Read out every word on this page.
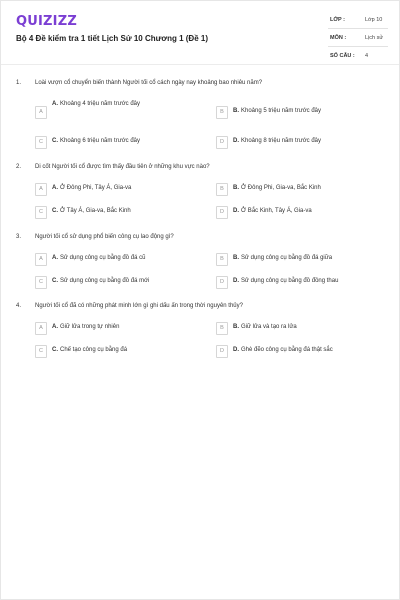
QUIZIZZ
Bộ 4 Đề kiểm tra 1 tiết Lịch Sử 10 Chương 1 (Đề 1)
LỚP :	Lớp 10
MÔN :	Lịch sử
SỐ CÂU : 4
1. Loài vượn cổ chuyển biến thành Người tối cổ cách ngày nay khoảng bao nhiêu năm?
A
A. Khoảng 4 triệu năm trước đây
B	B. Khoảng 5 triệu năm trước đây
C	C. Khoảng 6 triệu năm trước đây	D	D. Khoảng 8 triệu năm trước đây
2. Di cốt Người tối cổ được tìm thấy đầu tiên ở những khu vực nào?
A	A. Ở Đông Phi, Tây Á, Gia-va	B	B. Ở Đông Phi, Gia-va, Bắc Kinh
C	C. Ở Tây Á, Gia-va, Bắc Kinh	D	D. Ở Bắc Kinh, Tây Á, Gia-va
3. Người tối cổ sử dụng phổ biến công cụ lao động gì?
A	A. Sử dụng công cụ bằng đồ đá cũ	B	B. Sử dụng công cụ bằng đồ đá giữa
C	C. Sử dụng công cụ bằng đồ đá mới	D	D. Sử dụng công cụ bằng đồ đồng thau
4. Người tối cổ đã có những phát minh lớn gì ghi dấu ấn trong thời nguyên thủy?
A	A. Giữ lửa trong tự nhiên	B	B. Giữ lửa và tạo ra lửa
C	C. Chế tạo công cụ bằng đá	D	D. Ghè đẽo công cụ bằng đá thật sắc
